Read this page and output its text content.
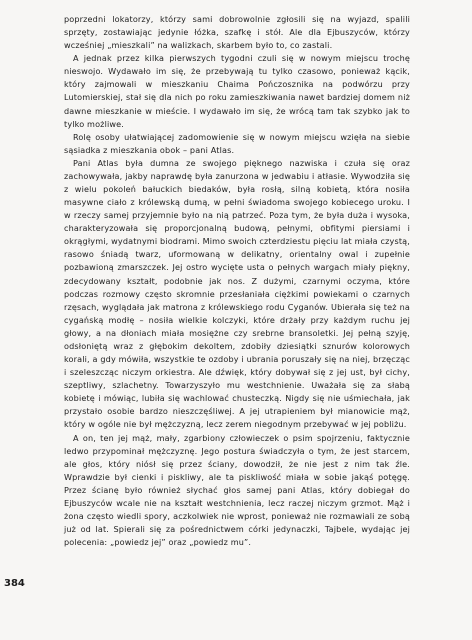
poprzedni lokatorzy, którzy sami dobrowolnie zgłosili się na wyjazd, spalili sprzęty, zostawiając jedynie łóżka, szafkę i stół. Ale dla Ejbuszyców, którzy wcześniej „mieszkali” na walizkach, skarbem było to, co zastali.

A jednak przez kilka pierwszych tygodni czuli się w nowym miejscu trochę nieswojo. Wydawało im się, że przebywają tu tylko czasowo, ponieważ kącik, który zajmowali w mieszkaniu Chaima Pończosznika na podwórzu przy Lutomierskiej, stał się dla nich po roku zamieszkiwania nawet bardziej domem niż dawne mieszkanie w mieście. I wydawało im się, że wrócą tam tak szybko jak to tylko możliwe.

Rolę osoby ułatwiającej zadomowienie się w nowym miejscu wzięła na siebie sąsiadka z mieszkania obok – pani Atlas.

Pani Atlas była dumna ze swojego pięknego nazwiska i czuła się oraz zachowywała, jakby naprawdę była zanurzona w jedwabiu i atłasie. Wywodziła się z wielu pokoleń bałuckich biedaków, była rosłą, silną kobietą, która nosiła masywne ciało z królewską dumą, w pełni świadoma swojego kobiecego uroku. I w rzeczy samej przyjemnie było na nią patrzeć. Poza tym, że była duża i wysoka, charakteryzowała się proporcjonalną budową, pełnymi, obfitymi piersiami i okrągłymi, wydatnymi biodrami. Mimo swoich czterdziestu pięciu lat miała czystą, rasowo śniadą twarz, uformowaną w delikatny, orientalny owal i zupełnie pozbawioną zmarszczek. Jej ostro wycięte usta o pełnych wargach miały piękny, zdecydowany kształt, podobnie jak nos. Z dużymi, czarnymi oczyma, które podczas rozmowy często skromnie przesłaniała ciężkimi powiekami o czarnych rzęsach, wyglądała jak matrona z królewskiego rodu Cyganów. Ubierała się też na cygańską modłę – nosiła wielkie kolczyki, które drżały przy każdym ruchu jej głowy, a na dłoniach miała mosiężne czy srebrne bransoletki. Jej pełną szyję, odsłoniętą wraz z głębokim dekoltem, zdobiły dziesiątki sznurów kolorowych korali, a gdy mówiła, wszystkie te ozdoby i ubrania poruszały się na niej, brzęcząc i szeleszcząc niczym orkiestra. Ale dźwięk, który dobywał się z jej ust, był cichy, szeptliwy, szlachetny. Towarzyszyło mu westchnienie. Uważała się za słabą kobietę i mówiąc, lubiła się wachlować chusteczką. Nigdy się nie uśmiechała, jak przystało osobie bardzo nieszczęśliwej. A jej utrapieniem był mianowicie mąż, który w ogóle nie był mężczyzną, lecz zerem niegodnym przebywać w jej pobliżu.

A on, ten jej mąż, mały, zgarbiony człowieczek o psim spojrzeniu, faktycznie ledwo przypominał mężczyznę. Jego postura świadczyła o tym, że jest starcem, ale głos, który niósł się przez ściany, dowodził, że nie jest z nim tak źle. Wprawdzie był cienki i piskliwy, ale ta piskliwość miała w sobie jakąś potęgę. Przez ścianę było również słychać głos samej pani Atlas, który dobiegał do Ejbuszyców wcale nie na kształt westchnienia, lecz raczej niczym grzmot. Mąż i żona często wiedli spory, aczkolwiek nie wprost, ponieważ nie rozmawiali ze sobą już od lat. Spierali się za pośrednictwem córki jedynaczki, Tajbele, wydając jej polecenia: „powiedz jej” oraz „powiedz mu”.

384
